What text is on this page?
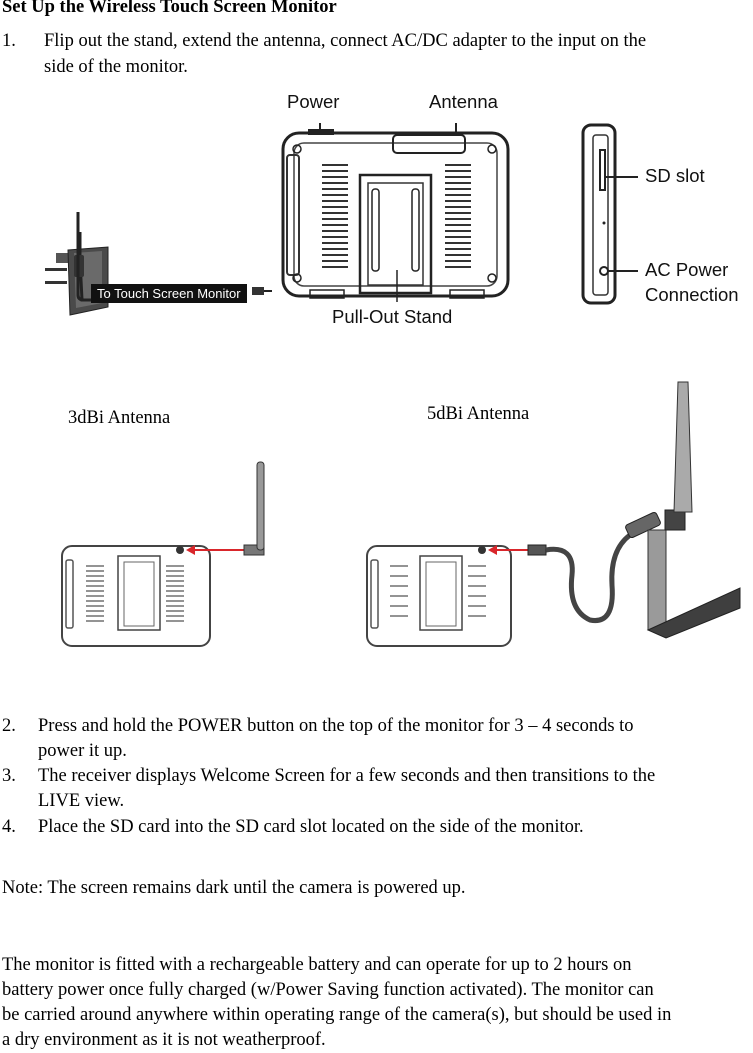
Set Up the Wireless Touch Screen Monitor
1. Flip out the stand, extend the antenna, connect AC/DC adapter to the input on the
side of the monitor.
Power	Antenna
SD slot
AC Power
Connection
Pull-Out Stand
To Touch Screen Monitor
3dBi Antenna	5dBi Antenna
2. Press and hold the POWER button on the top of the monitor for 3 – 4 seconds to
power it up.
3. The receiver displays Welcome Screen for a few seconds and then transitions to the
LIVE view.
4. Place the SD card into the SD card slot located on the side of the monitor.
Note: The screen remains dark until the camera is powered up.
The monitor is fitted with a rechargeable battery and can operate for up to 2 hours on
battery power once fully charged (w/Power Saving function activated). The monitor can
be carried around anywhere within operating range of the camera(s), but should be used in
a dry environment as it is not weatherproof.
